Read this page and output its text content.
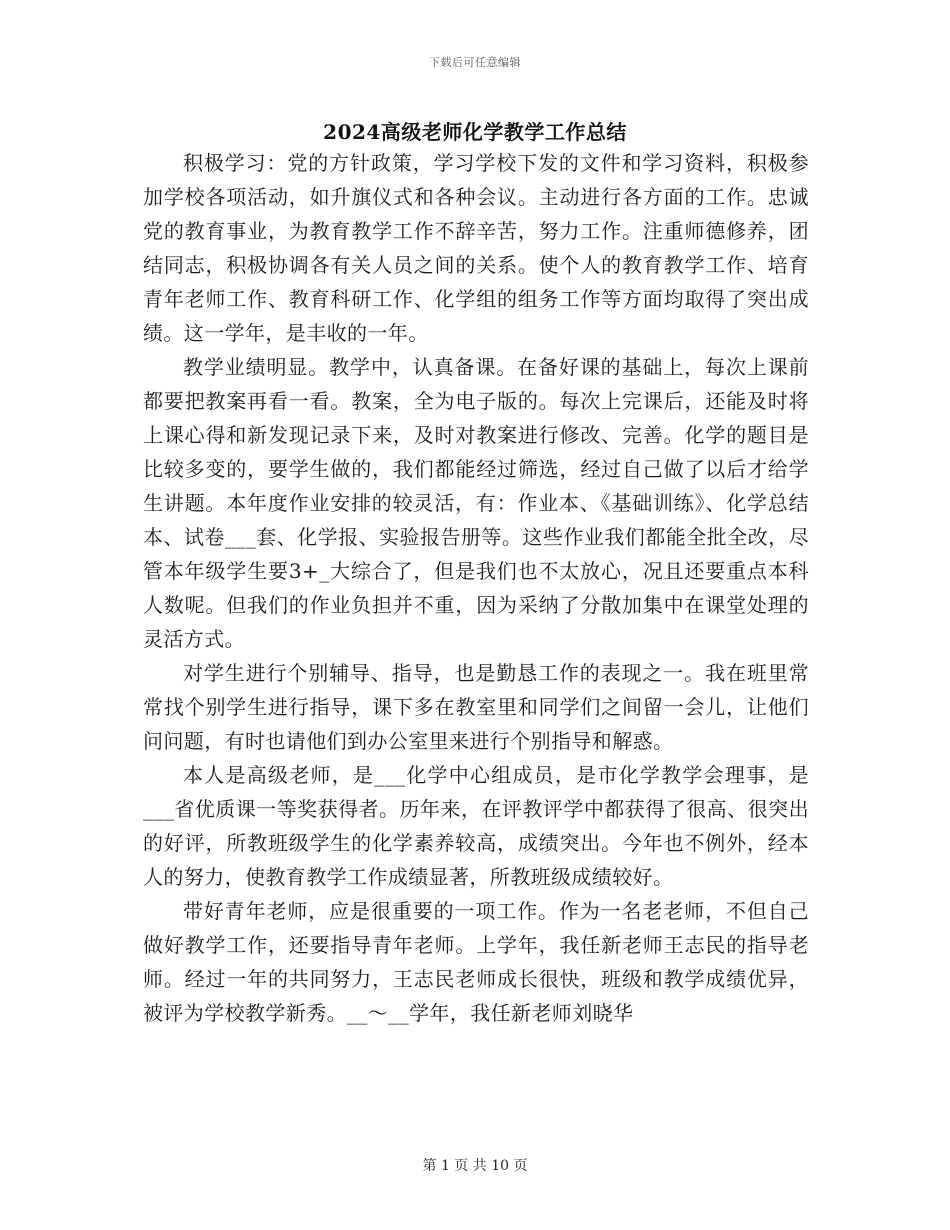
下载后可任意编辑
2024高级老师化学教学工作总结

积极学习：党的方针政策，学习学校下发的文件和学习资料，积极参加学校各项活动，如升旗仪式和各种会议。主动进行各方面的工作。忠诚党的教育事业，为教育教学工作不辞辛苦，努力工作。注重师德修养，团结同志，积极协调各有关人员之间的关系。使个人的教育教学工作、培育青年老师工作、教育科研工作、化学组的组务工作等方面均取得了突出成绩。这一学年，是丰收的一年。

教学业绩明显。教学中，认真备课。在备好课的基础上，每次上课前都要把教案再看一看。教案，全为电子版的。每次上完课后，还能及时将上课心得和新发现记录下来，及时对教案进行修改、完善。化学的题目是比较多变的，要学生做的，我们都能经过筛选，经过自己做了以后才给学生讲题。本年度作业安排的较灵活，有：作业本、《基础训练》、化学总结本、试卷___套、化学报、实验报告册等。这些作业我们都能全批全改，尽管本年级学生要3+_大综合了，但是我们也不太放心，况且还要重点本科人数呢。但我们的作业负担并不重，因为采纳了分散加集中在课堂处理的灵活方式。

对学生进行个别辅导、指导，也是勤恳工作的表现之一。我在班里常常找个别学生进行指导，课下多在教室里和同学们之间留一会儿，让他们问问题，有时也请他们到办公室里来进行个别指导和解惑。

本人是高级老师，是___化学中心组成员，是市化学教学会理事，是___省优质课一等奖获得者。历年来，在评教评学中都获得了很高、很突出的好评，所教班级学生的化学素养较高，成绩突出。今年也不例外，经本人的努力，使教育教学工作成绩显著，所教班级成绩较好。

带好青年老师，应是很重要的一项工作。作为一名老老师，不但自己做好教学工作，还要指导青年老师。上学年，我任新老师王志民的指导老师。经过一年的共同努力，王志民老师成长很快，班级和教学成绩优异，被评为学校教学新秀。__～__学年，我任新老师刘晓华

第 1 页 共 10 页
